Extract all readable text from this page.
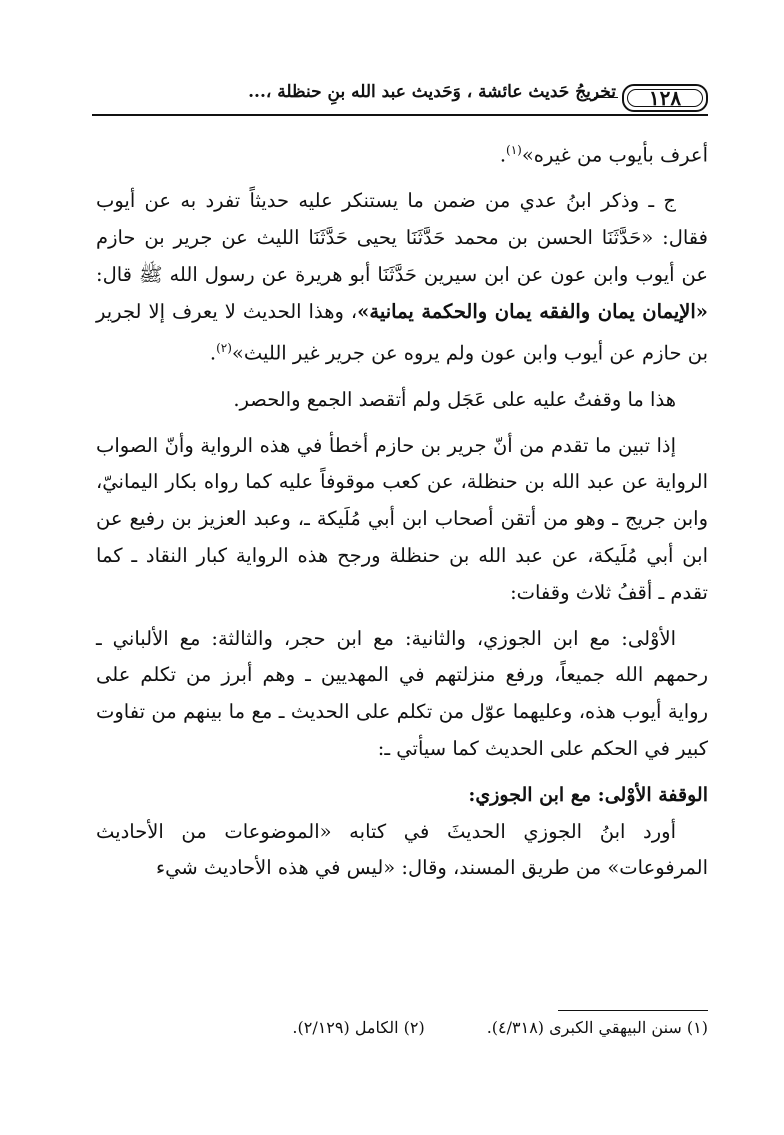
١٢٨
تخريجُ حَديث عائشة ، وَحَديث عبد الله بنِ حنظلة ،...

أعرف بأيوب من غيره»$^{(١)}$.

ج ـ وذكر ابنُ عدي من ضمن ما يستنكر عليه حديثاً تفرد به عن أيوب فقال: «حَدَّثَنَا الحسن بن محمد حَدَّثَنَا يحيى حَدَّثَنَا الليث عن جرير بن حازم عن أيوب وابن عون عن ابن سيرين حَدَّثَنَا أبو هريرة عن رسول الله ﷺ قال: «الإيمان يمان والفقه يمان والحكمة يمانية»، وهذا الحديث لا يعرف إلا لجرير بن حازم عن أيوب وابن عون ولم يروه عن جرير غير الليث»$^{(٢)}$.

هذا ما وقفتُ عليه على عَجَل ولم أتقصد الجمع والحصر.

إذا تبين ما تقدم من أنّ جرير بن حازم أخطأ في هذه الرواية وأنّ الصواب الرواية عن عبد الله بن حنظلة، عن كعب موقوفاً عليه كما رواه بكار اليمانيّ، وابن جريج ـ وهو من أتقن أصحاب ابن أبي مُلَيكة ـ، وعبد العزيز بن رفيع عن ابن أبي مُلَيكة، عن عبد الله بن حنظلة ورجح هذه الرواية كبار النقاد ـ كما تقدم ـ أقفُ ثلاث وقفات:

الأوْلى: مع ابن الجوزي، والثانية: مع ابن حجر، والثالثة: مع الألباني ـ رحمهم الله جميعاً، ورفع منزلتهم في المهديين ـ وهم أبرز من تكلم على رواية أيوب هذه، وعليهما عوّل من تكلم على الحديث ـ مع ما بينهم من تفاوت كبير في الحكم على الحديث كما سيأتي ـ:

الوقفة الأوْلى: مع ابن الجوزي:

أورد ابنُ الجوزي الحديثَ في كتابه «الموضوعات من الأحاديث المرفوعات» من طريق المسند، وقال: «ليس في هذه الأحاديث شيء

(١) سنن البيهقي الكبرى (٤/٣١٨).
(٢) الكامل (٢/١٢٩).
